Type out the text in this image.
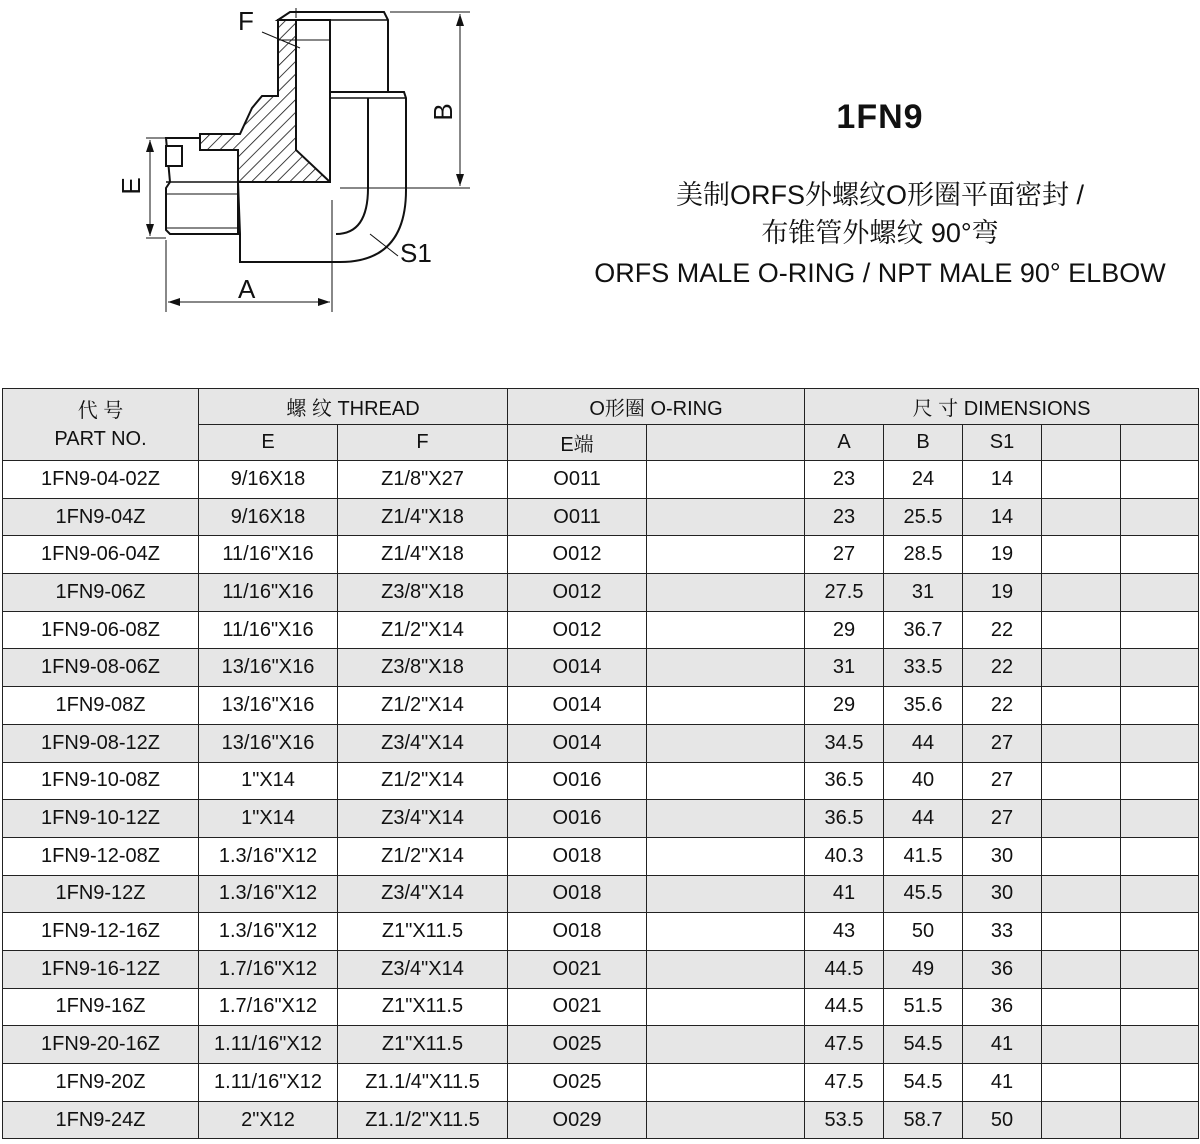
F
B
E
S1
A
1FN9
美制ORFS外螺纹O形圈平面密封 /
布锥管外螺纹 90°弯
ORFS MALE O-RING / NPT MALE 90° ELBOW
代 号
PART NO.	螺 纹 THREAD		O形圈 O-RING		尺 寸 DIMENSIONS				
	E	F	E端		A	B	S1		
1FN9-04-02Z	9/16X18	Z1/8"X27	O011		23	24	14		
1FN9-04Z	9/16X18	Z1/4"X18	O011		23	25.5	14		
1FN9-06-04Z	11/16"X16	Z1/4"X18	O012		27	28.5	19		
1FN9-06Z	11/16"X16	Z3/8"X18	O012		27.5	31	19		
1FN9-06-08Z	11/16"X16	Z1/2"X14	O012		29	36.7	22		
1FN9-08-06Z	13/16"X16	Z3/8"X18	O014		31	33.5	22		
1FN9-08Z	13/16"X16	Z1/2"X14	O014		29	35.6	22		
1FN9-08-12Z	13/16"X16	Z3/4"X14	O014		34.5	44	27		
1FN9-10-08Z	1"X14	Z1/2"X14	O016		36.5	40	27		
1FN9-10-12Z	1"X14	Z3/4"X14	O016		36.5	44	27		
1FN9-12-08Z	1.3/16"X12	Z1/2"X14	O018		40.3	41.5	30		
1FN9-12Z	1.3/16"X12	Z3/4"X14	O018		41	45.5	30		
1FN9-12-16Z	1.3/16"X12	Z1"X11.5	O018		43	50	33		
1FN9-16-12Z	1.7/16"X12	Z3/4"X14	O021		44.5	49	36		
1FN9-16Z	1.7/16"X12	Z1"X11.5	O021		44.5	51.5	36		
1FN9-20-16Z	1.11/16"X12	Z1"X11.5	O025		47.5	54.5	41		
1FN9-20Z	1.11/16"X12	Z1.1/4"X11.5	O025		47.5	54.5	41		
1FN9-24Z	2"X12	Z1.1/2"X11.5	O029		53.5	58.7	50		
